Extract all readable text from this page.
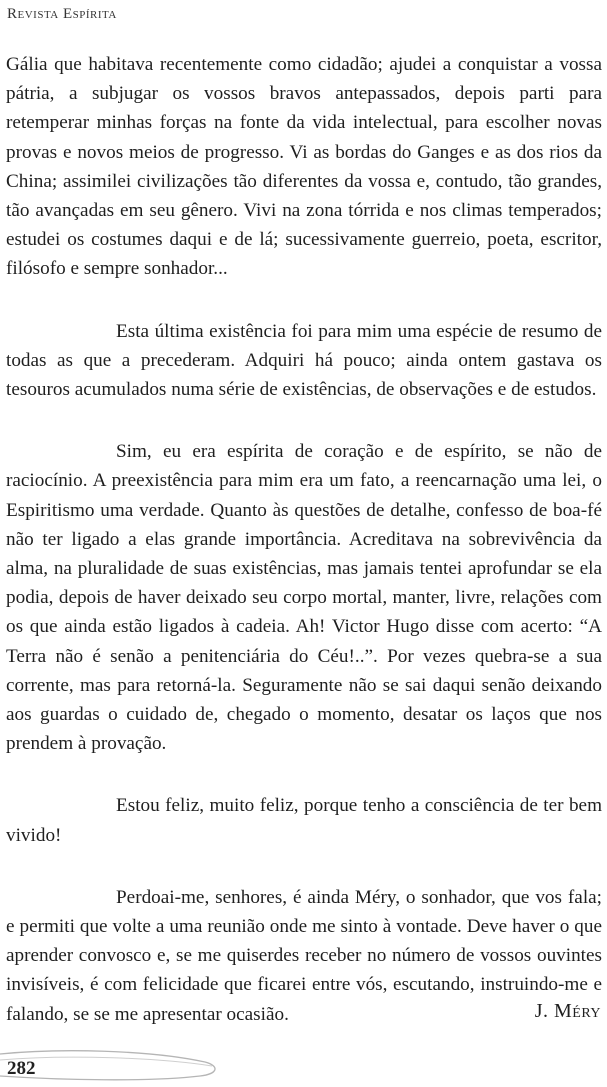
Revista Espírita

Gália que habitava recentemente como cidadão; ajudei a conquistar a vossa pátria, a subjugar os vossos bravos antepassados, depois parti para retemperar minhas forças na fonte da vida intelectual, para escolher novas provas e novos meios de progresso. Vi as bordas do Ganges e as dos rios da China; assimilei civilizações tão diferentes da vossa e, contudo, tão grandes, tão avançadas em seu gênero. Vivi na zona tórrida e nos climas temperados; estudei os costumes daqui e de lá; sucessivamente guerreio, poeta, escritor, filósofo e sempre sonhador...

Esta última existência foi para mim uma espécie de resumo de todas as que a precederam. Adquiri há pouco; ainda ontem gastava os tesouros acumulados numa série de existências, de observações e de estudos.

Sim, eu era espírita de coração e de espírito, se não de raciocínio. A preexistência para mim era um fato, a reencarnação uma lei, o Espiritismo uma verdade. Quanto às questões de detalhe, confesso de boa-fé não ter ligado a elas grande importância. Acreditava na sobrevivência da alma, na pluralidade de suas existências, mas jamais tentei aprofundar se ela podia, depois de haver deixado seu corpo mortal, manter, livre, relações com os que ainda estão ligados à cadeia. Ah! Victor Hugo disse com acerto: “A Terra não é senão a penitenciária do Céu!..”. Por vezes quebra-se a sua corrente, mas para retorná-la. Seguramente não se sai daqui senão deixando aos guardas o cuidado de, chegado o momento, desatar os laços que nos prendem à provação.

Estou feliz, muito feliz, porque tenho a consciência de ter bem vivido!

Perdoai-me, senhores, é ainda Méry, o sonhador, que vos fala; e permiti que volte a uma reunião onde me sinto à vontade. Deve haver o que aprender convosco e, se me quiserdes receber no número de vossos ouvintes invisíveis, é com felicidade que ficarei entre vós, escutando, instruindo-me e falando, se se me apresentar ocasião.	J. Méry
282
